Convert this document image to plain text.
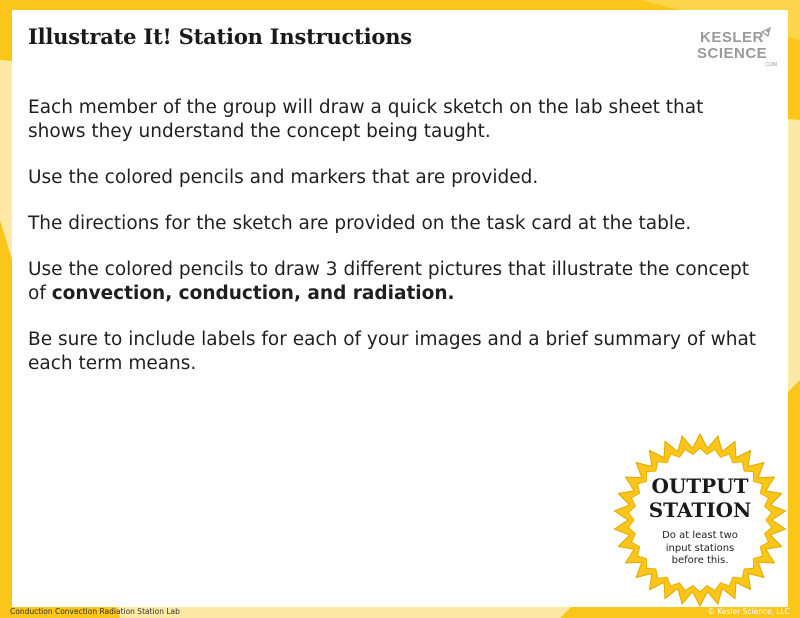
Illustrate It! Station Instructions	KESLER
SCIENCE
.COM

Each member of the group will draw a quick sketch on the lab sheet that shows they understand the concept being taught.

Use the colored pencils and markers that are provided.

The directions for the sketch are provided on the task card at the table.

Use the colored pencils to draw 3 different pictures that illustrate the concept of convection, conduction, and radiation.

Be sure to include labels for each of your images and a brief summary of what each term means.

OUTPUT
STATION
Do at least two input stations before this.
Conduction Convection Radiation Station Lab	© Kesler Science, LLC
